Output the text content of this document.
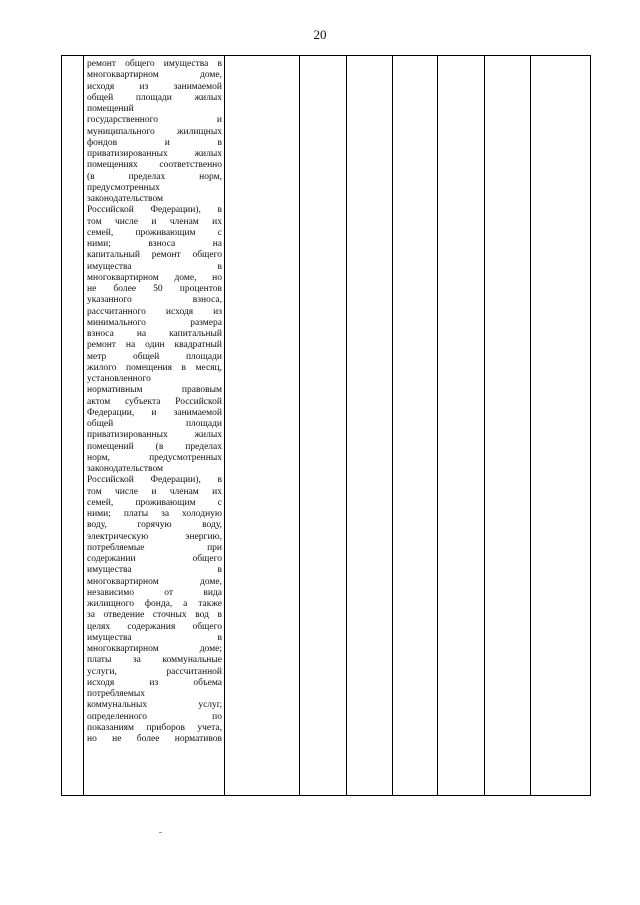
20

ремонт общего имущества в
многоквартирном доме,
исходя из занимаемой
общей площади жилых
помещений
государственного и
муниципального жилищных
фондов и в
приватизированных жилых
помещениях соответственно
(в пределах норм,
предусмотренных
законодательством
Российской Федерации), в
том числе и членам их
семей, проживающим с
ними; взноса на
капитальный ремонт общего
имущества в
многоквартирном доме, но
не более 50 процентов
указанного взноса,
рассчитанного исходя из
минимального размера
взноса на капитальный
ремонт на один квадратный
метр общей площади
жилого помещения в месяц,
установленного
нормативным правовым
актом субъекта Российской
Федерации, и занимаемой
общей площади
приватизированных жилых
помещений (в пределах
норм, предусмотренных
законодательством
Российской Федерации), в
том числе и членам их
семей, проживающим с
ними; платы за холодную
воду, горячую воду,
электрическую энергию,
потребляемые при
содержании общего
имущества в
многоквартирном доме,
независимо от вида
жилищного фонда, а также
за отведение сточных вод в
целях содержания общего
имущества в
многоквартирном доме;
платы за коммунальные
услуги, рассчитанной
исходя из объема
потребляемых
коммунальных услуг,
определенного по
показаниям приборов учета,
но не более нормативов
